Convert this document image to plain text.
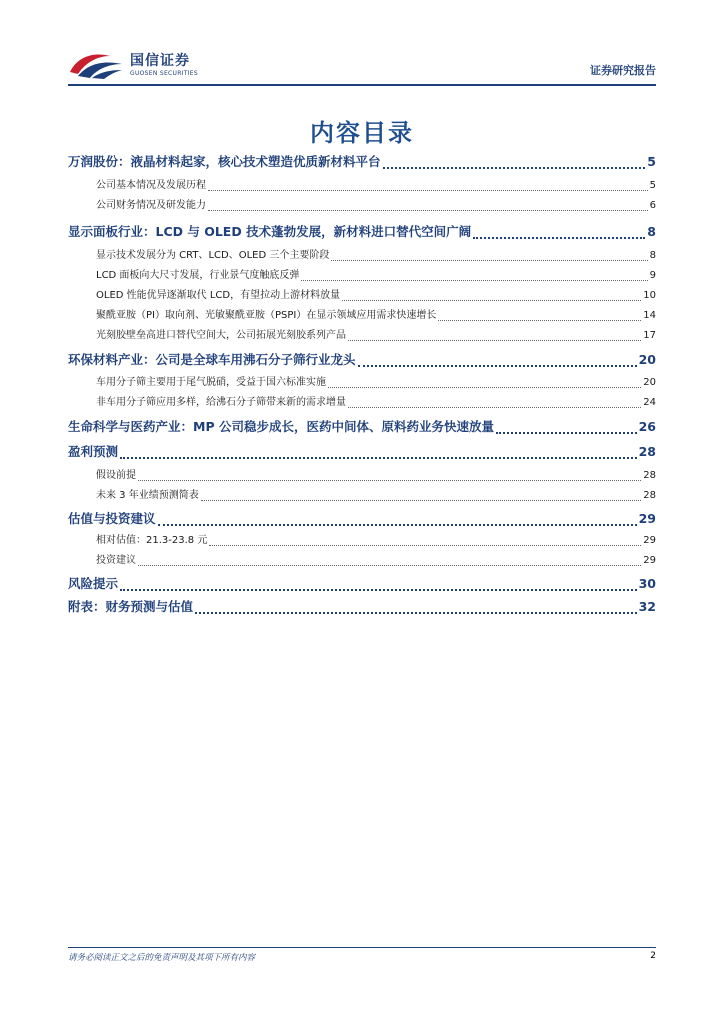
国信证券
GUOSEN SECURITIES	证券研究报告
内容目录
万润股份：液晶材料起家，核心技术塑造优质新材料平台	5
公司基本情况及发展历程	5
公司财务情况及研发能力	6
显示面板行业：LCD 与 OLED 技术蓬勃发展，新材料进口替代空间广阔	8
显示技术发展分为 CRT、LCD、OLED 三个主要阶段	8
LCD 面板向大尺寸发展，行业景气度触底反弹	9
OLED 性能优异逐渐取代 LCD，有望拉动上游材料放量	10
聚酰亚胺（PI）取向剂、光敏聚酰亚胺（PSPI）在显示领域应用需求快速增长	14
光刻胶壁垒高进口替代空间大，公司拓展光刻胶系列产品	17
环保材料产业：公司是全球车用沸石分子筛行业龙头	20
车用分子筛主要用于尾气脱硝，受益于国六标准实施	20
非车用分子筛应用多样，给沸石分子筛带来新的需求增量	24
生命科学与医药产业：MP 公司稳步成长，医药中间体、原料药业务快速放量	26
盈利预测	28
假设前提	28
未来 3 年业绩预测简表	28
估值与投资建议	29
相对估值：21.3-23.8 元	29
投资建议	29
风险提示	30
附表：财务预测与估值	32
请务必阅读正文之后的免责声明及其项下所有内容	2
